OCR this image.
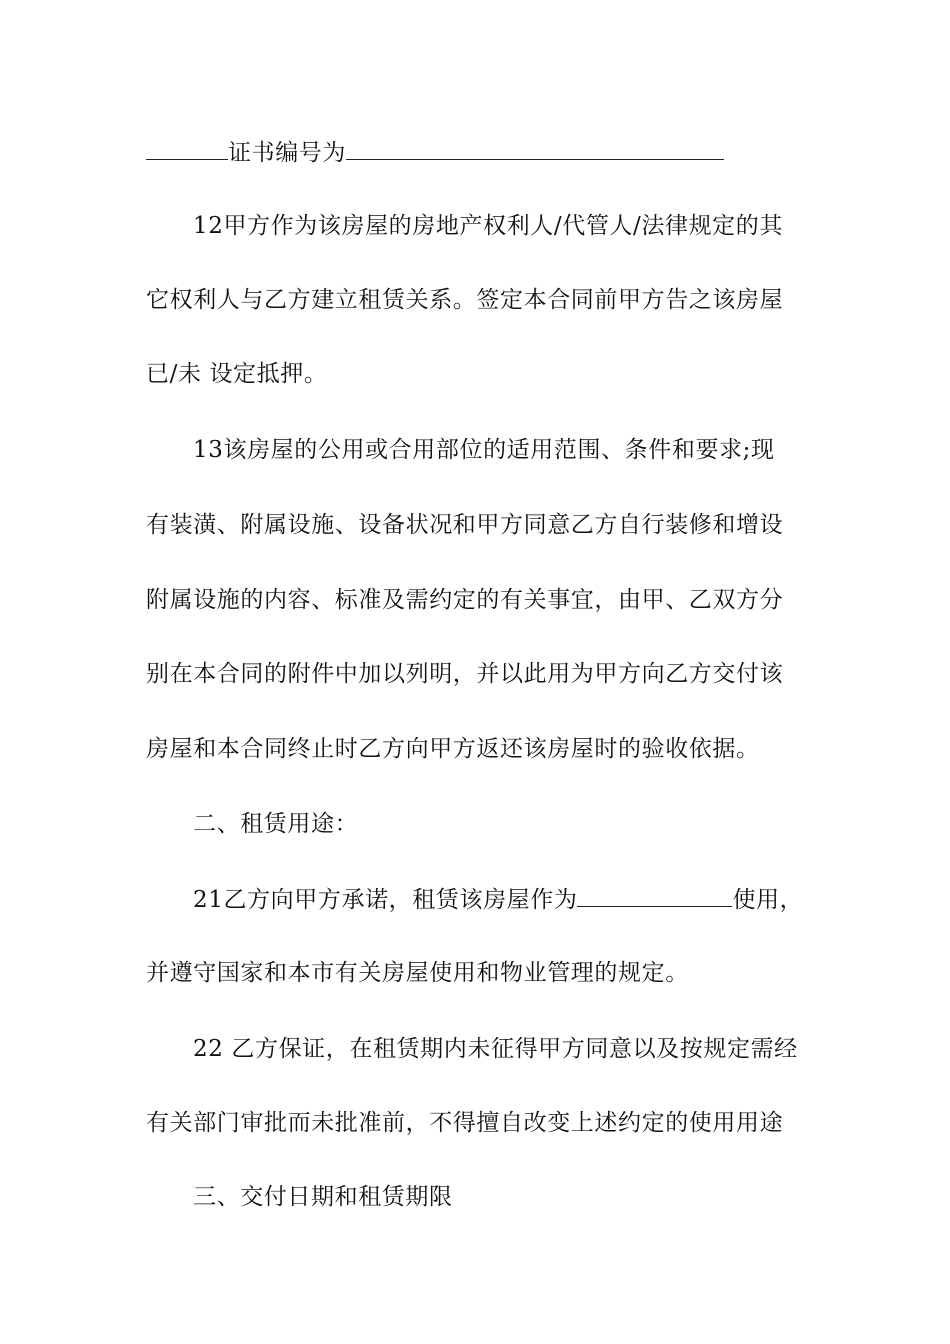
证书编号为
12甲方作为该房屋的房地产权利人/代管人/法律规定的其
它权利人与乙方建立租赁关系。签定本合同前甲方告之该房屋
已/未 设定抵押。
13该房屋的公用或合用部位的适用范围、条件和要求;现
有装潢、附属设施、设备状况和甲方同意乙方自行装修和增设
附属设施的内容、标准及需约定的有关事宜，由甲、乙双方分
别在本合同的附件中加以列明，并以此用为甲方向乙方交付该
房屋和本合同终止时乙方向甲方返还该房屋时的验收依据。
二、租赁用途：
21乙方向甲方承诺，租赁该房屋作为	使用，
并遵守国家和本市有关房屋使用和物业管理的规定。
22 乙方保证，在租赁期内未征得甲方同意以及按规定需经
有关部门审批而未批准前，不得擅自改变上述约定的使用用途
三、交付日期和租赁期限
